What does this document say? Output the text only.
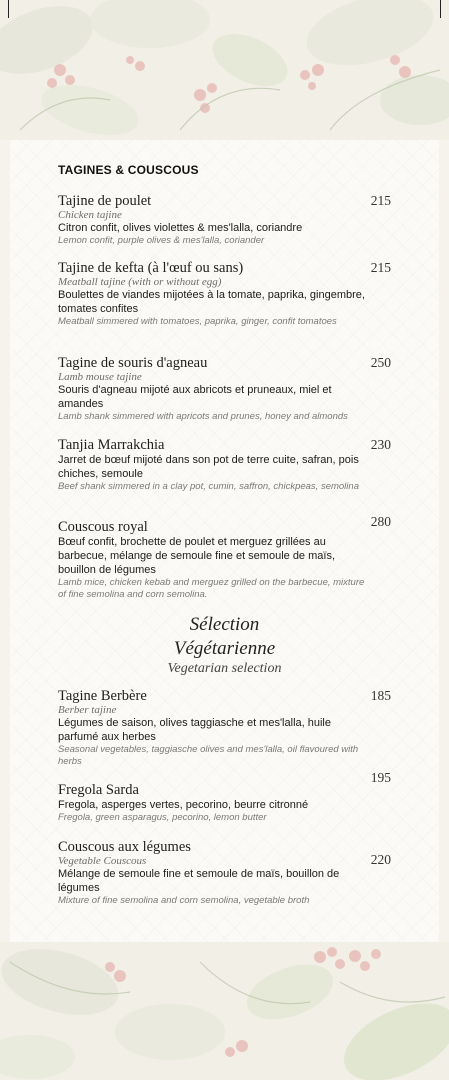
TAGINES & COUSCOUS
Tajine de poulet
Chicken tajine
Citron confit, olives violettes & mes'lalla, coriandre
Lemon confit, purple olives & mes'lalla, coriander
215
Tajine de kefta (à l'œuf ou sans)
Meatball tajine (with or without egg)
Boulettes de viandes mijotées à la tomate, paprika, gingembre, tomates confites
Meatball simmered with tomatoes, paprika, ginger, confit tomatoes
215
Tagine de souris d'agneau
Lamb mouse tajine
Souris d'agneau mijoté aux abricots et pruneaux, miel et amandes
Lamb shank simmered with apricots and prunes, honey and almonds
250
Tanjia Marrakchia
Jarret de bœuf mijoté dans son pot de terre cuite, safran, pois chiches, semoule
Beef shank simmered in a clay pot, cumin, saffron, chickpeas, semolina
230
Couscous royal
Bœuf confit, brochette de poulet et merguez grillées au barbecue, mélange de semoule fine et semoule de maïs, bouillon de légumes
Lamb mice, chicken kebab and merguez grilled on the barbecue, mixture of fine semolina and corn semolina.
280
Sélection
Végétarienne
Vegetarian selection
Tagine Berbère
Berber tajine
Légumes de saison, olives taggiasche et mes'lalla, huile parfumé aux herbes
Seasonal vegetables, taggiasche olives and mes'lalla, oil flavoured with herbs
185
Fregola Sarda
Fregola, asperges vertes, pecorino, beurre citronné
Fregola, green asparagus, pecorino, lemon butter
195
Couscous aux légumes
Vegetable Couscous
Mélange de semoule fine et semoule de maïs, bouillon de légumes
Mixture of fine semolina and corn semolina, vegetable broth
220
